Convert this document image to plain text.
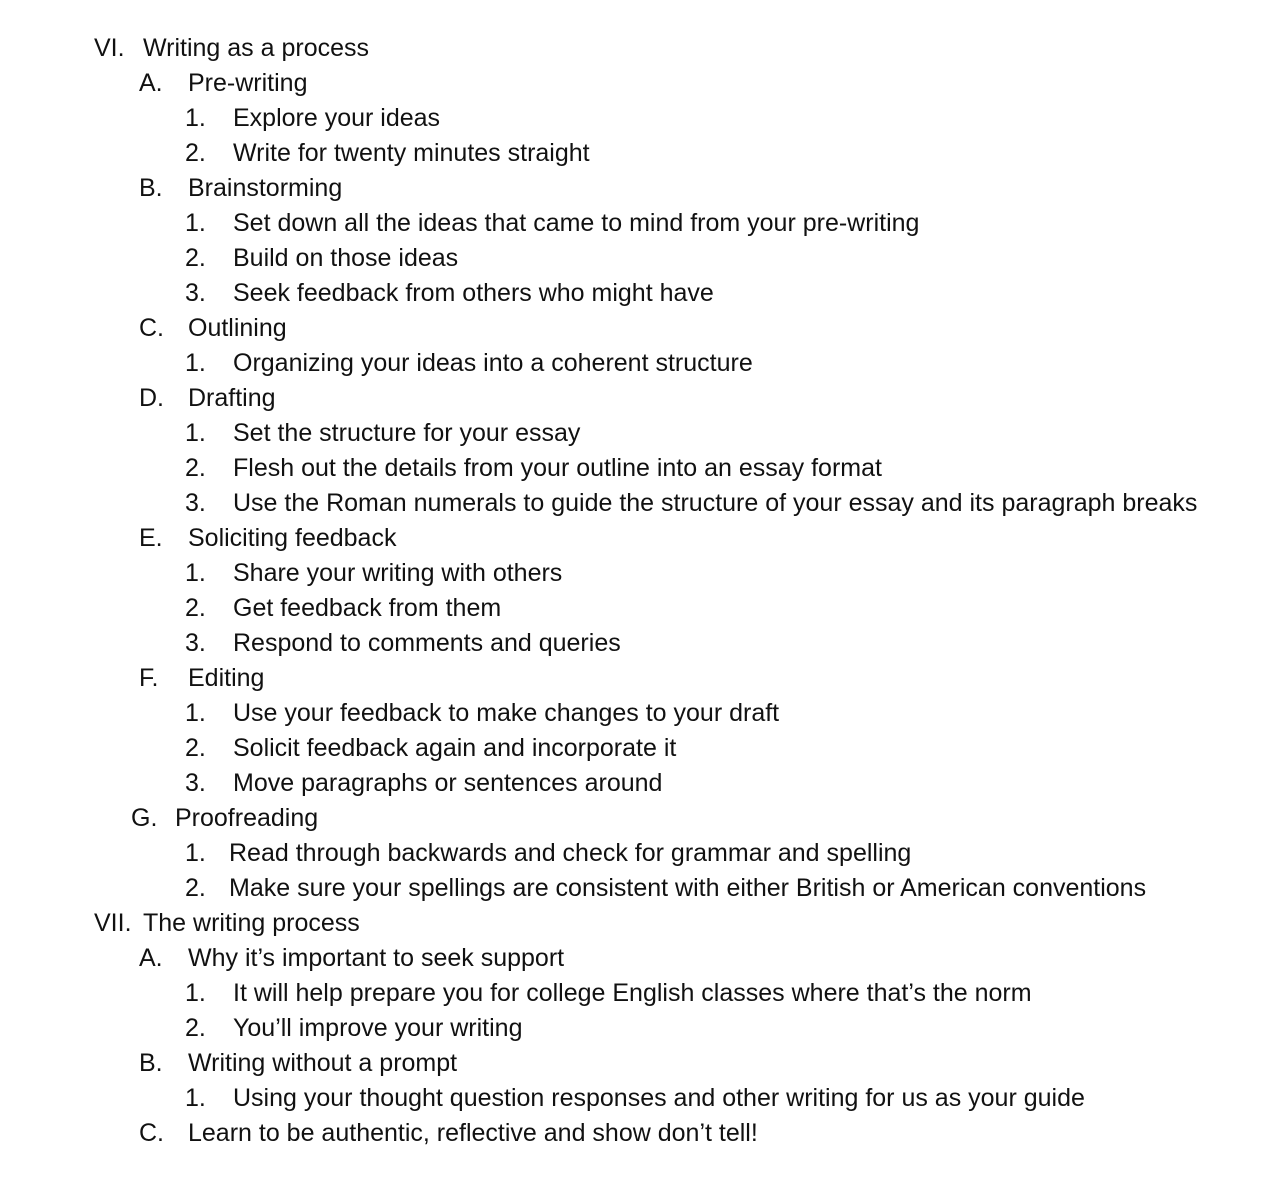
VI. Writing as a process
A. Pre-writing
1. Explore your ideas
2. Write for twenty minutes straight
B. Brainstorming
1. Set down all the ideas that came to mind from your pre-writing
2. Build on those ideas
3. Seek feedback from others who might have
C. Outlining
1. Organizing your ideas into a coherent structure
D. Drafting
1. Set the structure for your essay
2. Flesh out the details from your outline into an essay format
3. Use the Roman numerals to guide the structure of your essay and its paragraph breaks
E. Soliciting feedback
1. Share your writing with others
2. Get feedback from them
3. Respond to comments and queries
F. Editing
1. Use your feedback to make changes to your draft
2. Solicit feedback again and incorporate it
3. Move paragraphs or sentences around
G. Proofreading
1. Read through backwards and check for grammar and spelling
2. Make sure your spellings are consistent with either British or American conventions
VII. The writing process
A. Why it’s important to seek support
1. It will help prepare you for college English classes where that’s the norm
2. You’ll improve your writing
B. Writing without a prompt
1. Using your thought question responses and other writing for us as your guide
C. Learn to be authentic, reflective and show don’t tell!
